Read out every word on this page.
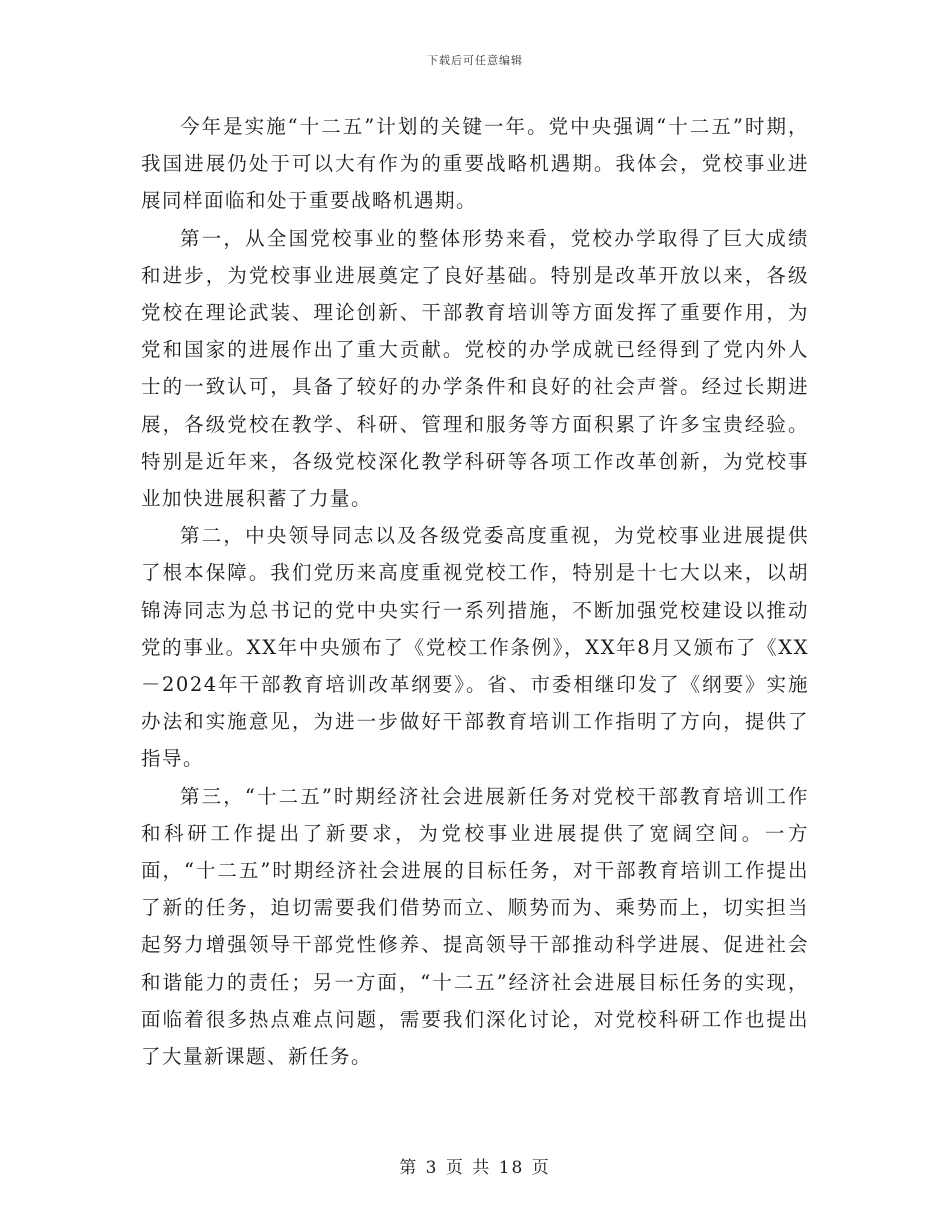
下载后可任意编辑

今年是实施“十二五”计划的关键一年。党中央强调“十二五”时期，我国进展仍处于可以大有作为的重要战略机遇期。我体会，党校事业进展同样面临和处于重要战略机遇期。

第一，从全国党校事业的整体形势来看，党校办学取得了巨大成绩和进步，为党校事业进展奠定了良好基础。特别是改革开放以来，各级党校在理论武装、理论创新、干部教育培训等方面发挥了重要作用，为党和国家的进展作出了重大贡献。党校的办学成就已经得到了党内外人士的一致认可，具备了较好的办学条件和良好的社会声誉。经过长期进展，各级党校在教学、科研、管理和服务等方面积累了许多宝贵经验。特别是近年来，各级党校深化教学科研等各项工作改革创新，为党校事业加快进展积蓄了力量。

第二，中央领导同志以及各级党委高度重视，为党校事业进展提供了根本保障。我们党历来高度重视党校工作，特别是十七大以来，以胡锦涛同志为总书记的党中央实行一系列措施，不断加强党校建设以推动党的事业。XX年中央颁布了《党校工作条例》，XX年8月又颁布了《XX－2024年干部教育培训改革纲要》。省、市委相继印发了《纲要》实施办法和实施意见，为进一步做好干部教育培训工作指明了方向，提供了指导。

第三，“十二五”时期经济社会进展新任务对党校干部教育培训工作和科研工作提出了新要求，为党校事业进展提供了宽阔空间。一方面，“十二五”时期经济社会进展的目标任务，对干部教育培训工作提出了新的任务，迫切需要我们借势而立、顺势而为、乘势而上，切实担当起努力增强领导干部党性修养、提高领导干部推动科学进展、促进社会和谐能力的责任；另一方面，“十二五”经济社会进展目标任务的实现，面临着很多热点难点问题，需要我们深化讨论，对党校科研工作也提出了大量新课题、新任务。

第 3 页 共 18 页
